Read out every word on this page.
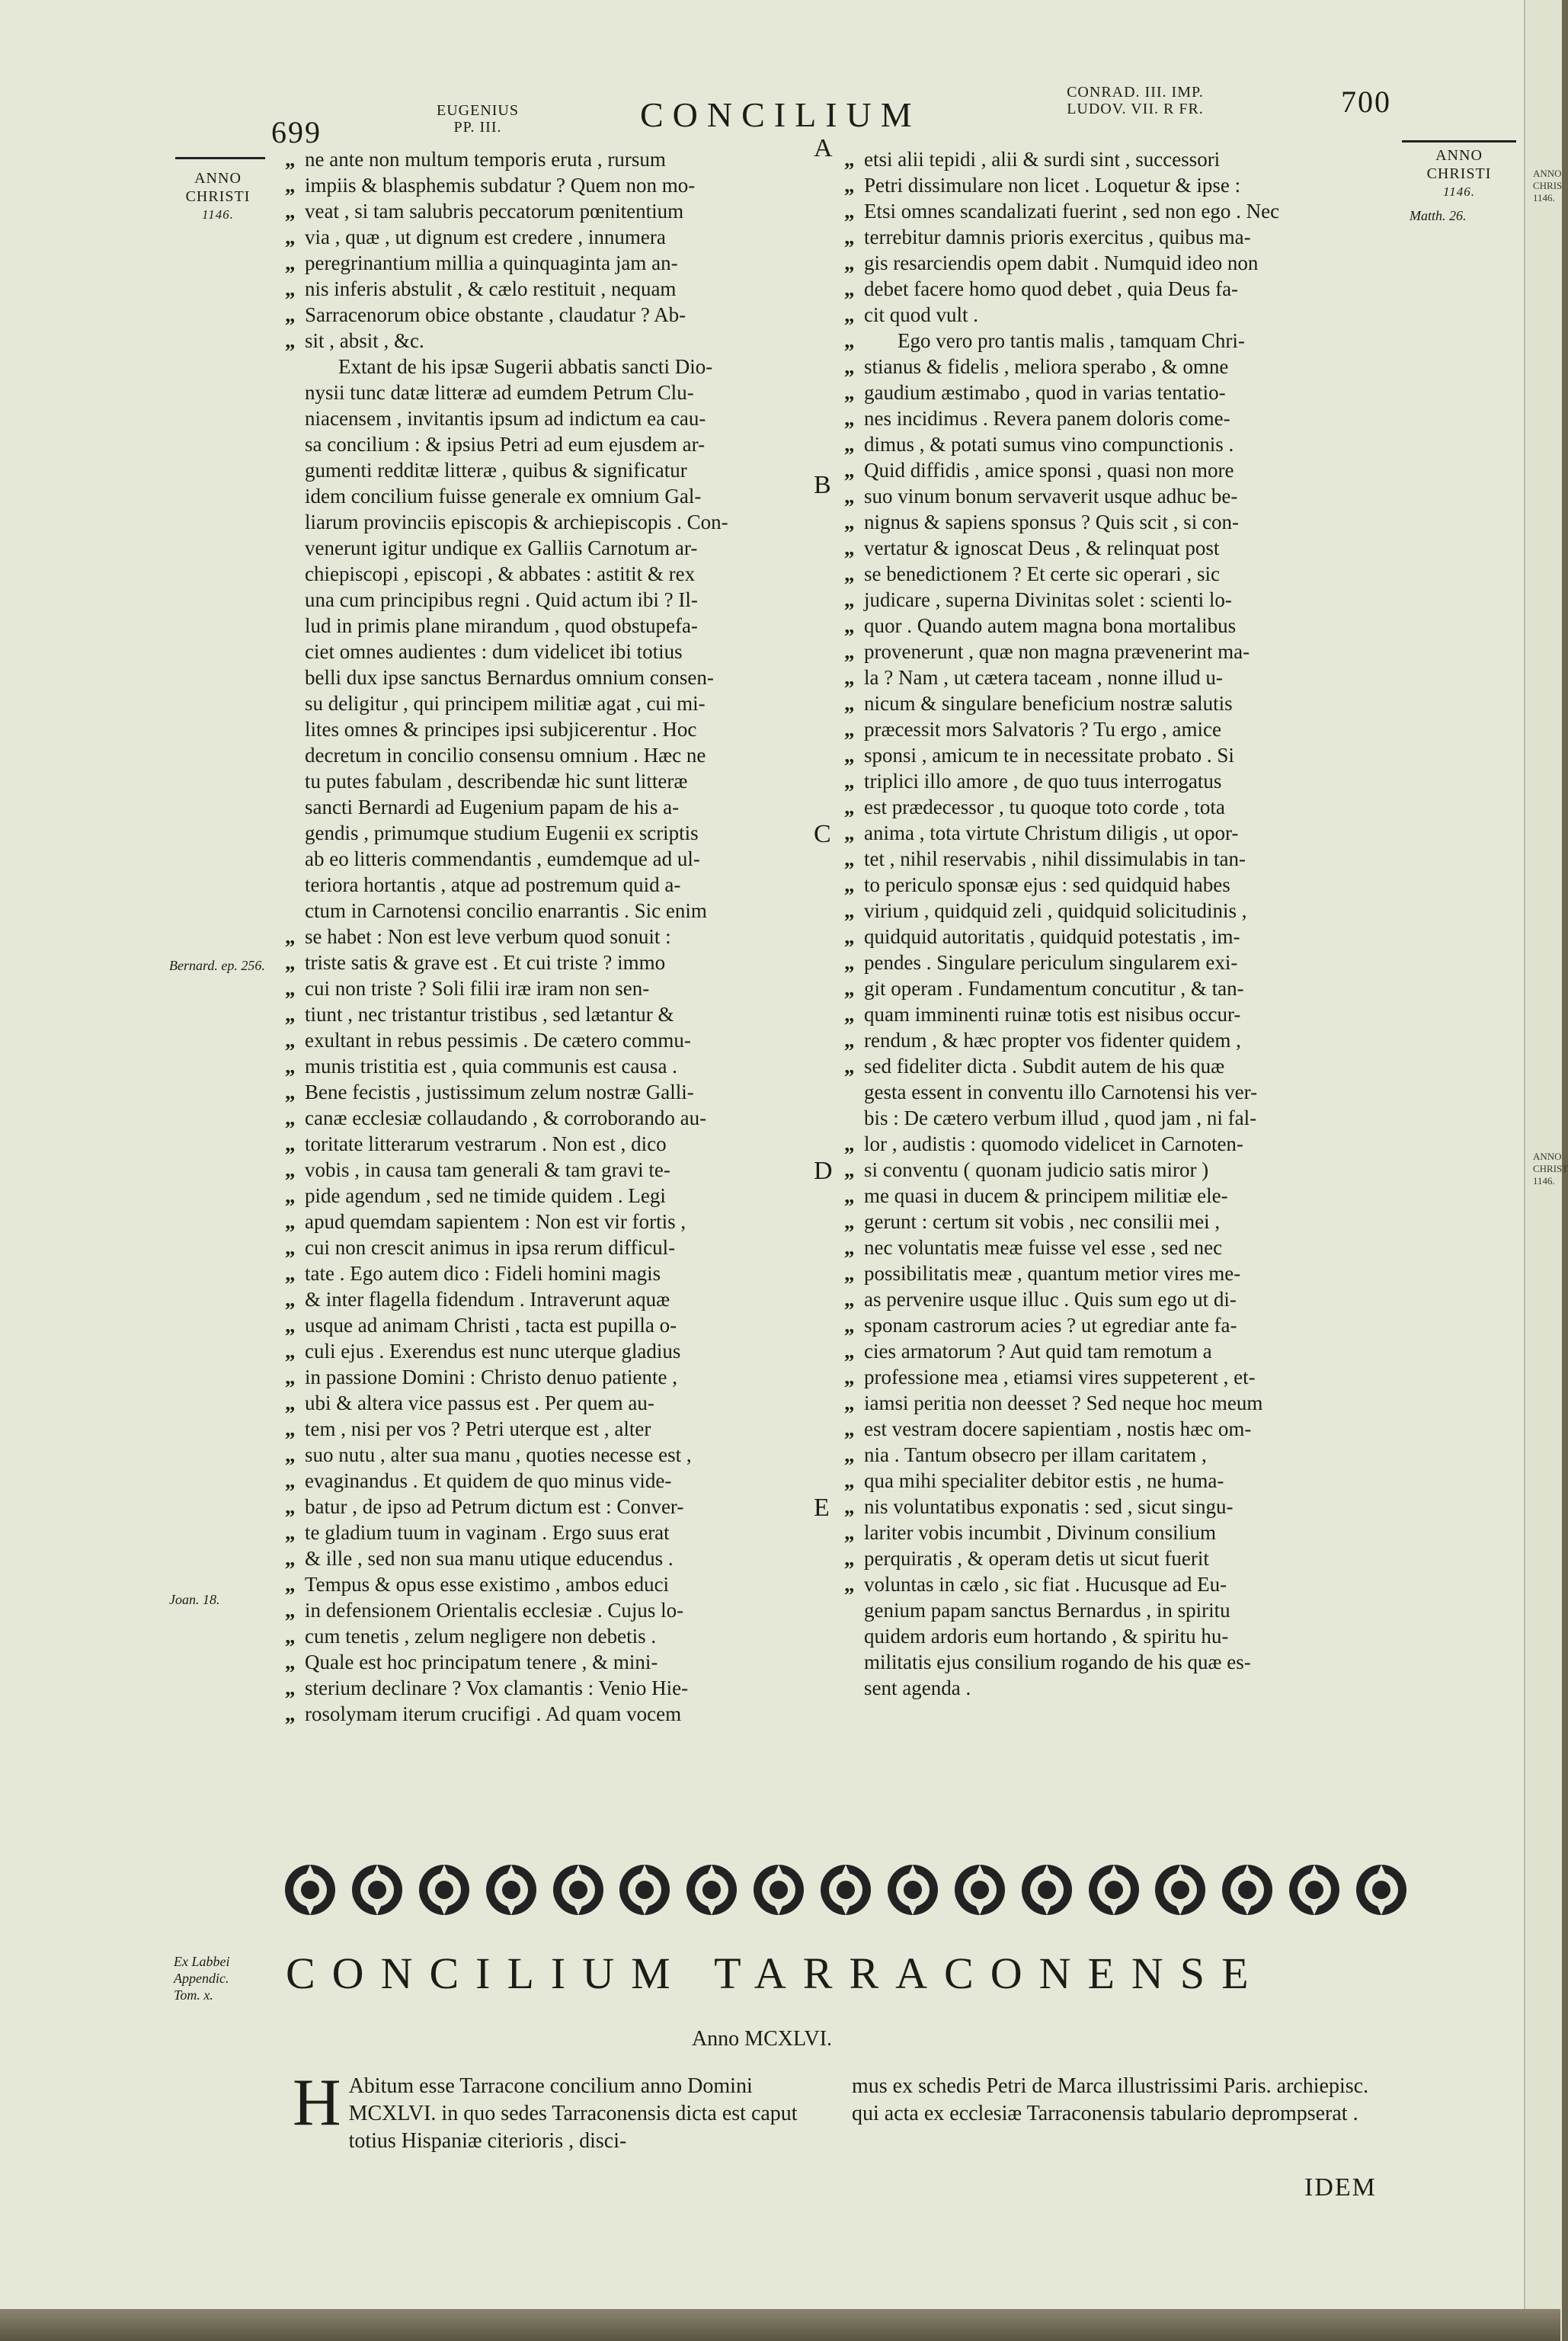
ANNO
CHRIS
1146.
ANNO
CHRIST
1146.
699
EUGENIUS
PP. III.	CONCILIUM
CONRAD. III. IMP.
LUDOV. VII. R FR.	700
ANNO
CHRISTI
1146.
ANNO
CHRISTI
1146.
„ ne ante non multum temporis eruta , rursum
„ impiis & blasphemis subdatur ? Quem non mo-
„ veat , si tam salubris peccatorum pœnitentium
„ via , quæ , ut dignum est credere , innumera
„ peregrinantium millia a quinquaginta jam an-
„ nis inferis abstulit , & cælo restituit , nequam
„ Sarracenorum obice obstante , claudatur ? Ab-
„ sit , absit , &c.
Extant de his ipsæ Sugerii abbatis sancti Dio-
nysii tunc datæ litteræ ad eumdem Petrum Clu-
niacensem , invitantis ipsum ad indictum ea cau-
sa concilium : & ipsius Petri ad eum ejusdem ar-
gumenti redditæ litteræ , quibus & significatur
idem concilium fuisse generale ex omnium Gal-
liarum provinciis episcopis & archiepiscopis . Con-
venerunt igitur undique ex Galliis Carnotum ar-
chiepiscopi , episcopi , & abbates : astitit & rex
una cum principibus regni . Quid actum ibi ? Il-
lud in primis plane mirandum , quod obstupefa-
ciet omnes audientes : dum videlicet ibi totius
belli dux ipse sanctus Bernardus omnium consen-
su deligitur , qui principem militiæ agat , cui mi-
lites omnes & principes ipsi subjicerentur . Hoc
decretum in concilio consensu omnium . Hæc ne
tu putes fabulam , describendæ hic sunt litteræ
sancti Bernardi ad Eugenium papam de his a-
gendis , primumque studium Eugenii ex scriptis
ab eo litteris commendantis , eumdemque ad ul-
teriora hortantis , atque ad postremum quid a-
ctum in Carnotensi concilio enarrantis . Sic enim
„ se habet : Non est leve verbum quod sonuit :
„ triste satis & grave est . Et cui triste ? immo
„ cui non triste ? Soli filii iræ iram non sen-
„ tiunt , nec tristantur tristibus , sed lætantur &
„ exultant in rebus pessimis . De cætero commu-
„ munis tristitia est , quia communis est causa .
„ Bene fecistis , justissimum zelum nostræ Galli-
„ canæ ecclesiæ collaudando , & corroborando au-
„ toritate litterarum vestrarum . Non est , dico
„ vobis , in causa tam generali & tam gravi te-
„ pide agendum , sed ne timide quidem . Legi
„ apud quemdam sapientem : Non est vir fortis ,
„ cui non crescit animus in ipsa rerum difficul-
„ tate . Ego autem dico : Fideli homini magis
„ & inter flagella fidendum . Intraverunt aquæ
„ usque ad animam Christi , tacta est pupilla o-
„ culi ejus . Exerendus est nunc uterque gladius
„ in passione Domini : Christo denuo patiente ,
„ ubi & altera vice passus est . Per quem au-
„ tem , nisi per vos ? Petri uterque est , alter
„ suo nutu , alter sua manu , quoties necesse est ,
„ evaginandus . Et quidem de quo minus vide-
„ batur , de ipso ad Petrum dictum est : Conver-
„ te gladium tuum in vaginam . Ergo suus erat
„ & ille , sed non sua manu utique educendus .
„ Tempus & opus esse existimo , ambos educi
„ in defensionem Orientalis ecclesiæ . Cujus lo-
„ cum tenetis , zelum negligere non debetis .
„ Quale est hoc principatum tenere , & mini-
„ sterium declinare ? Vox clamantis : Venio Hie-
„ rosolymam iterum crucifigi . Ad quam vocem
„ etsi alii tepidi , alii & surdi sint , successori
„ Petri dissimulare non licet . Loquetur & ipse :
„ Etsi omnes scandalizati fuerint , sed non ego . Nec
„ terrebitur damnis prioris exercitus , quibus ma-
„ gis resarciendis opem dabit . Numquid ideo non
„ debet facere homo quod debet , quia Deus fa-
„ cit quod vult .
„ Ego vero pro tantis malis , tamquam Chri-
„ stianus & fidelis , meliora sperabo , & omne
„ gaudium æstimabo , quod in varias tentatio-
„ nes incidimus . Revera panem doloris come-
„ dimus , & potati sumus vino compunctionis .
„ Quid diffidis , amice sponsi , quasi non more
„ suo vinum bonum servaverit usque adhuc be-
„ nignus & sapiens sponsus ? Quis scit , si con-
„ vertatur & ignoscat Deus , & relinquat post
„ se benedictionem ? Et certe sic operari , sic
„ judicare , superna Divinitas solet : scienti lo-
„ quor . Quando autem magna bona mortalibus
„ provenerunt , quæ non magna prævenerint ma-
„ la ? Nam , ut cætera taceam , nonne illud u-
„ nicum & singulare beneficium nostræ salutis
„ præcessit mors Salvatoris ? Tu ergo , amice
„ sponsi , amicum te in necessitate probato . Si
„ triplici illo amore , de quo tuus interrogatus
„ est prædecessor , tu quoque toto corde , tota
„ anima , tota virtute Christum diligis , ut opor-
„ tet , nihil reservabis , nihil dissimulabis in tan-
„ to periculo sponsæ ejus : sed quidquid habes
„ virium , quidquid zeli , quidquid solicitudinis ,
„ quidquid autoritatis , quidquid potestatis , im-
„ pendes . Singulare periculum singularem exi-
„ git operam . Fundamentum concutitur , & tan-
„ quam imminenti ruinæ totis est nisibus occur-
„ rendum , & hæc propter vos fidenter quidem ,
„ sed fideliter dicta . Subdit autem de his quæ
gesta essent in conventu illo Carnotensi his ver-
bis : De cætero verbum illud , quod jam , ni fal-
„ lor , audistis : quomodo videlicet in Carnoten-
„ si conventu ( quonam judicio satis miror )
„ me quasi in ducem & principem militiæ ele-
„ gerunt : certum sit vobis , nec consilii mei ,
„ nec voluntatis meæ fuisse vel esse , sed nec
„ possibilitatis meæ , quantum metior vires me-
„ as pervenire usque illuc . Quis sum ego ut di-
„ sponam castrorum acies ? ut egrediar ante fa-
„ cies armatorum ? Aut quid tam remotum a
„ professione mea , etiamsi vires suppeterent , et-
„ iamsi peritia non deesset ? Sed neque hoc meum
„ est vestram docere sapientiam , nostis hæc om-
„ nia . Tantum obsecro per illam caritatem ,
„ qua mihi specialiter debitor estis , ne huma-
„ nis voluntatibus exponatis : sed , sicut singu-
„ lariter vobis incumbit , Divinum consilium
„ perquiratis , & operam detis ut sicut fuerit
„ voluntas in cælo , sic fiat . Hucusque ad Eu-
genium papam sanctus Bernardus , in spiritu
quidem ardoris eum hortando , & spiritu hu-
militatis ejus consilium rogando de his quæ es-
sent agenda .
A
B
C
D
E
Bernard. ep. 256.
Joan. 18.
Matth. 26.
Ex Labbei
Appendic.
Tom. x.	CONCILIUM TARRACONENSE
Anno MCXLVI.
H Abitum esse Tarracone concilium anno Domini MCXLVI. in quo sedes Tarraconensis dicta est caput totius Hispaniæ citerioris , disci-
mus ex schedis Petri de Marca illustrissimi Paris. archiepisc. qui acta ex ecclesiæ Tarraconensis tabulario deprompserat .
IDEM
